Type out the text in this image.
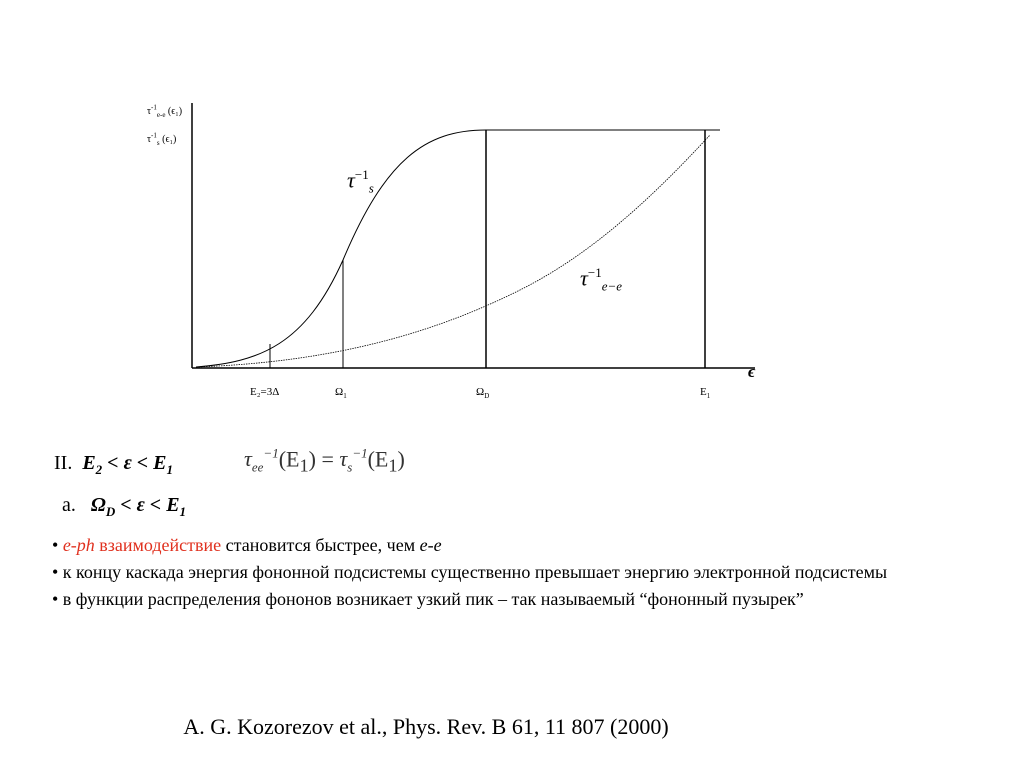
$\tau^{-1}_{e-e}$ (ϵ₁)
$\tau^{-1}_s$ (ϵ₁)
ϵ
E₂=3Δ	$\Omega_1$	$\Omega_D$	$E_1$
$\tau^{-1}_s$
$\tau^{-1}_{e-e}$
II. $E_2 < \varepsilon < E_1$	$\tau_{ee}^{-1}(E_1) = \tau_s^{-1}(E_1)$
a. $\Omega_D < \varepsilon < E_1$

• e-ph взаимодействие становится быстрее, чем e-e

• к концу каскада энергия фононной подсистемы существенно превышает энергию электронной подсистемы

• в функции распределения фононов возникает узкий пик – так называемый “фононный пузырек”

A. G. Kozorezov et al., Phys. Rev. B 61, 11 807 (2000)
